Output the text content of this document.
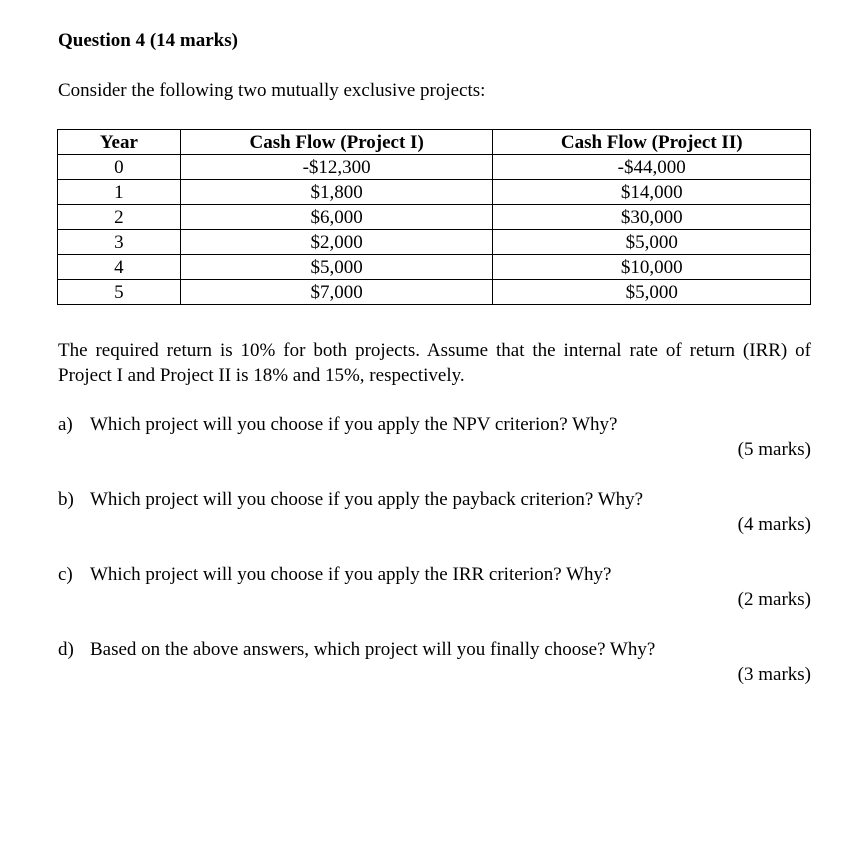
Question 4 (14 marks)
Consider the following two mutually exclusive projects:
Year	Cash Flow (Project I)	Cash Flow (Project II)
0	-$12,300	-$44,000
1	$1,800	$14,000
2	$6,000	$30,000
3	$2,000	$5,000
4	$5,000	$10,000
5	$7,000	$5,000
The required return is 10% for both projects. Assume that the internal rate of return (IRR) of Project I and Project II is 18% and 15%, respectively.
a) Which project will you choose if you apply the NPV criterion? Why?
(5 marks)
b) Which project will you choose if you apply the payback criterion? Why?
(4 marks)
c) Which project will you choose if you apply the IRR criterion? Why?
(2 marks)
d) Based on the above answers, which project will you finally choose? Why?
(3 marks)
